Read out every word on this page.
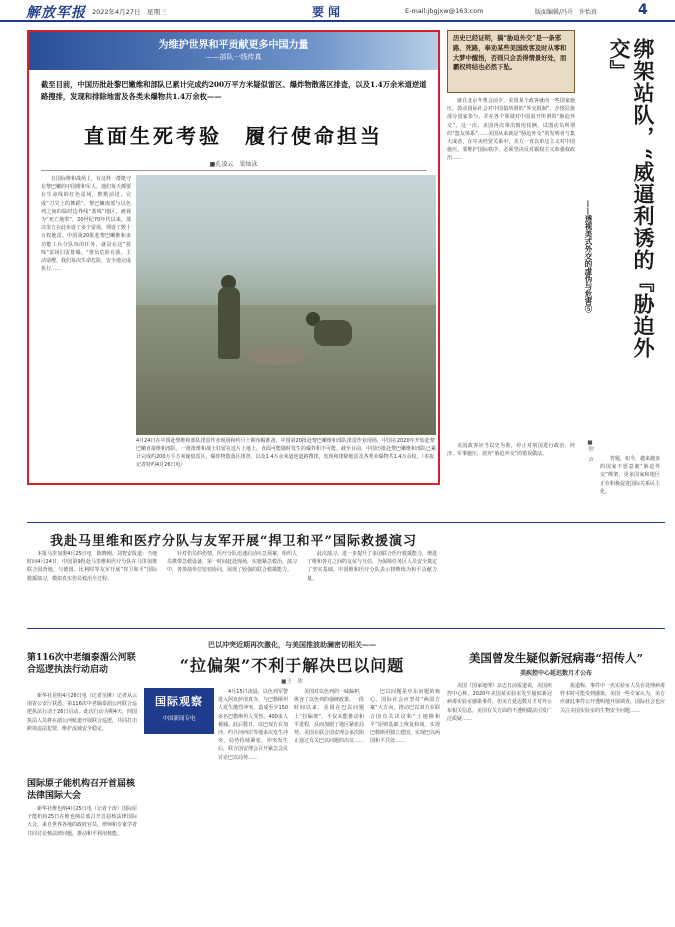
解放军报 2022年4月27日　星期三	要闻	E-mail:jbgjxw@163.com	版面编辑/冯升　许怡真	4
为维护世界和平贡献更多中国力量
——部队一线传真
截至目前，中国历批赴黎巴嫩维和部队已累计完成约200万平方米疑似雷区、爆炸物散落区排査，以及1.4万余米道逆道路搜排，发现和排除地雷及各类未爆物共1.4万余枚——
直面生死考验　履行使命担当
■孔凌云　梁灿泳
在国际维和战场上，有这样一群挺守在黎巴嫩的中国维和军人，他们每天都要在生命线的红色雷场，默默前进，完成“刀尖上的舞蹈”。黎巴嫩南部与以色列之间的临时边界线“蓝线”地区，被视为“死亡地带”，20世纪70年代以来，那以里方在此布设了多个雷场，埋设了数十万枚地雷。中国第20批赴黎巴嫩维和多功能工兵分队每的任务，就是在这“蓝线”雷场扫雷排爆。“排负危险有我，主动请缨。我们每次生命危险，安全地完成执行……
4月24日在中国赴黎维和部队排雷作业现场和约旦十期布帽准备，中国第20批赴黎巴嫩维和部队排雷作业现场，中国在2020年开始赴黎巴嫩直接维和部队，一批批维和战士驻留在这片土地上，直面可能随时发生的爆炸和不可能。截至目前，中国历批赴黎巴嫩维和部队已累计完成约200万平方米疑似雷区，爆炸物散落区排查，以及1.4万余米道逆道路搜排，发现和排除地雷及各类未爆物共1.4万余枚。（本报记者特约4月26日电）
历史已经证明，搞“胁迫外交”是一条邪路、死路，奉劝某些美国政客及时从零和大梦中醒悟，否则只会丢得情景好处，而霸权终结也必然下坠。
就在北京冬奥会前夕，美国某个政客就向一些国家施压，鼓动国际社会对中国搞所谓的“外交抵制”，企图拉拢部分国家参与，并在各个领域对中国展开所谓的“胁迫外交”。这一次，美国再次拿出惯用伎俩，试图动员所谓的“盟友体系”……美国从来就是“胁迫外交”的发明者与集大成者，在中美经贸关系中，美方一直以单边主义对中国施压。要维护国际秩序，必须坚决反对霸权主义和强权政治……
美国政客应当以史为鉴，停止对别国进行政治、经济、军事施压，放弃“胁迫外交”的错误做法。
绑架站队，“威逼利诱的『胁迫外交』
——透视美式外交的虚伪与危害⑤
■钟　声	答题，如今，越来越多的国家不愿意被“胁迫外交”绑架，更多国家和地区正在积极促进国际关系民主化。
我赴马里维和医疗分队与友军开展“捍卫和平”国际救援演习
本报马里加奥4月25日电　陈晓刚、刘智安报道：当地时间4月24日，中国第9批赴马里维和医疗分队在马里加奥联合国营地，与德国、比利时等友军开展“捍卫和平”国际救援演习，模拟真实伤员救治全过程。
针对伤员的伤情，医疗分队迅速启动应急预案，组织人员携带急救设备，第一时间赶赴现场，实施紧急救治。演习中，各参演单位密切协同，展现了较强的联合救援能力。
此次演习，进一步提升了多国联合医疗救援能力，增进了维和各方之间的友谊与互信，为保障任务区人员安全奠定了坚实基础。中国维和医疗分队表示将继续为和平贡献力量。
第116次中老缅泰湄公河联合巡逻执法行动启动
新华社昆明4月26日电（记者吴锤）记者从云南省公安厅获悉，第116次中老缅泰湄公河联合巡逻执法行动于26日启动。此次行动为期4天，四国执法人员将在湄公河航道开展联合巡逻，共同打击跨境违法犯罪，维护流域安全稳定。
国际原子能机构召开首届核法律国际大会
新华社维也纳4月25日电（记者于涛）国际原子能机构25日在维也纳总部召开首届核法律国际大会。来自世界各地的政府官员、律师和专家学者共同讨论核法律问题，推动和平利用核能。
巴以冲突近期再次激化，与美国推波助澜密切相关——
“拉偏架”不利于解决巴以问题
■王　欣
国际观察
中国新闻专电
4月15日凌晨，以色列军警进入阿克萨清真寺，与巴勒斯坦人发生激烈冲突，造成至少150多名巴勒斯坦人受伤，400多人被捕。此后数日，以巴双方在加沙、约旦河西岸等地多次发生冲突，局势持续紧张。冲突发生后，联合国安理会召开紧急会议讨论巴以局势……
美国对以色列的一味偏袒，纵容了以色列的强硬政策。一段时间以来，美国在巴以问题上“拉偏架”，不仅未能推动和平进程，反而加剧了地区紧张局势。美国在联合国安理会多次阻止通过有关巴以问题的决议……
巴以问题是中东问题的核心。国际社会应坚持“两国方案”大方向，推动巴以双方在联合国有关决议和“土地换和平”原则基础上恢复和谈，实现巴勒斯坦独立建国，实现巴以两国和平共处……
美国曾发生疑似新冠病毒“招传人”
美疾控中心延迟数月才公布
美国《国家地理》杂志日前报道说，美国疾控中心称，2020年美国某实验室发生疑似新冠病毒实验室感染事件，但美方延迟数月才对外公布相关信息。美国有关方面的不透明做法引发广泛质疑……
报道称，事件中一名实验室人员在处理病毒样本时可能受到感染。美国一些专家认为，美方应就此事件公开透明地开展调查，国际社会也应关注美国实验室的生物安全问题……
